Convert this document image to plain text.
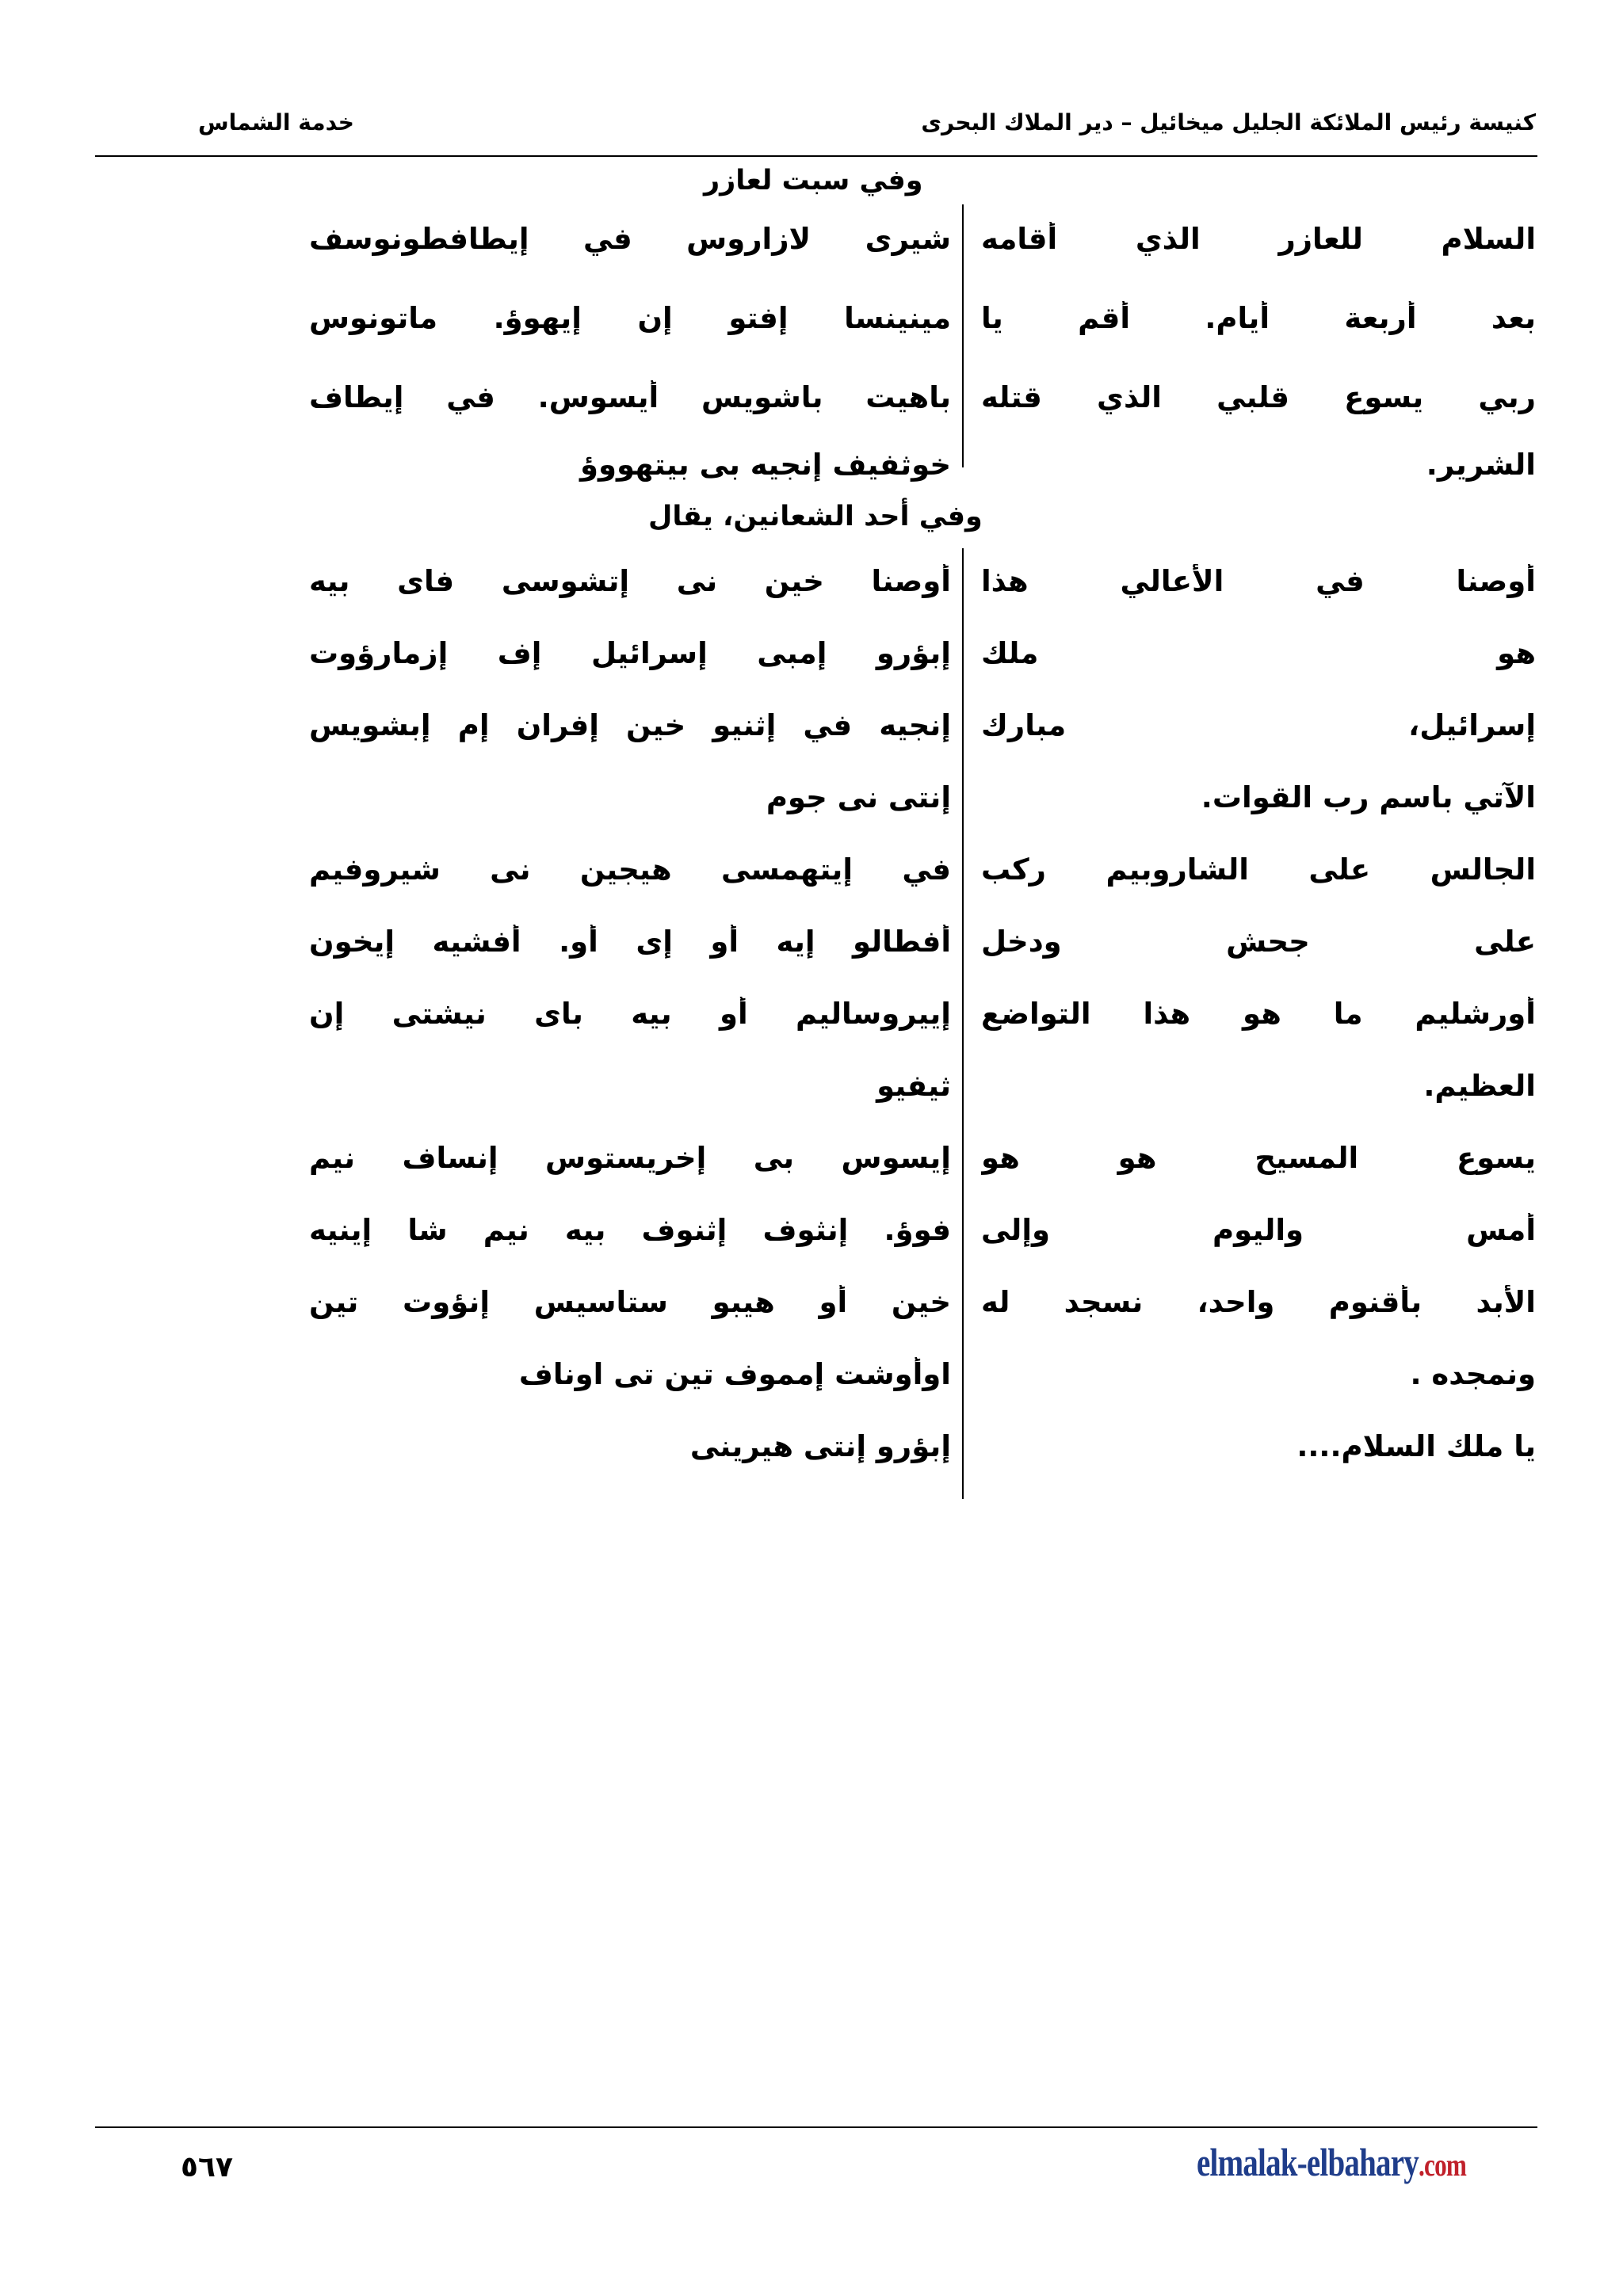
كنيسة رئيس الملائكة الجليل ميخائيل – دير الملاك البحرى
خدمة الشماس
وفي سبت لعازر
السلام للعازر الذي أقامه
شيرى لازاروس في إيطافطونوسف
بعد أربعة أيام. أقم يا
مينينسا إفتو إن إيهوؤ. ماتونوس
ربي يسوع قلبي الذي قتله
باهيت باشويس أيسوس. في إيطاف
الشرير.
خوثفيف إنجيه بى بيتهووؤ
وفي أحد الشعانين، يقال
أوصنا في الأعالي هذا
أوصنا خين نى إتشوسى فاى بيه
هو ملك
إبؤرو إمبى إسرائيل إف إزمارؤوت
إسرائيل، مبارك
إنجيه في إثنيو خين إفران إم إبشويس
الآتي باسم رب القوات.
إنتى نى جوم
الجالس على الشاروبيم ركب
في إيتهمسى هيجين نى شيروفيم
على جحش ودخل
أفطالو إيه أو إى أو. أفشيه إيخون
أورشليم ما هو هذا التواضع
إييروساليم أو بيه باى نيشتى إن
العظيم.
ثيفيو
يسوع المسيح هو هو
إيسوس بى إخريستوس إنساف نيم
أمس واليوم وإلى
فوؤ. إنثوف إثنوف بيه نيم شا إينيه
الأبد بأقنوم واحد، نسجد له
خين أو هيبو ستاسيس إنؤوت تين
ونمجده .
اوأوشت إمموف تين تى اوناف
يا ملك السلام....
إبؤرو إنتى هيرينى
٥٦٧	elmalak-elbahary.com
